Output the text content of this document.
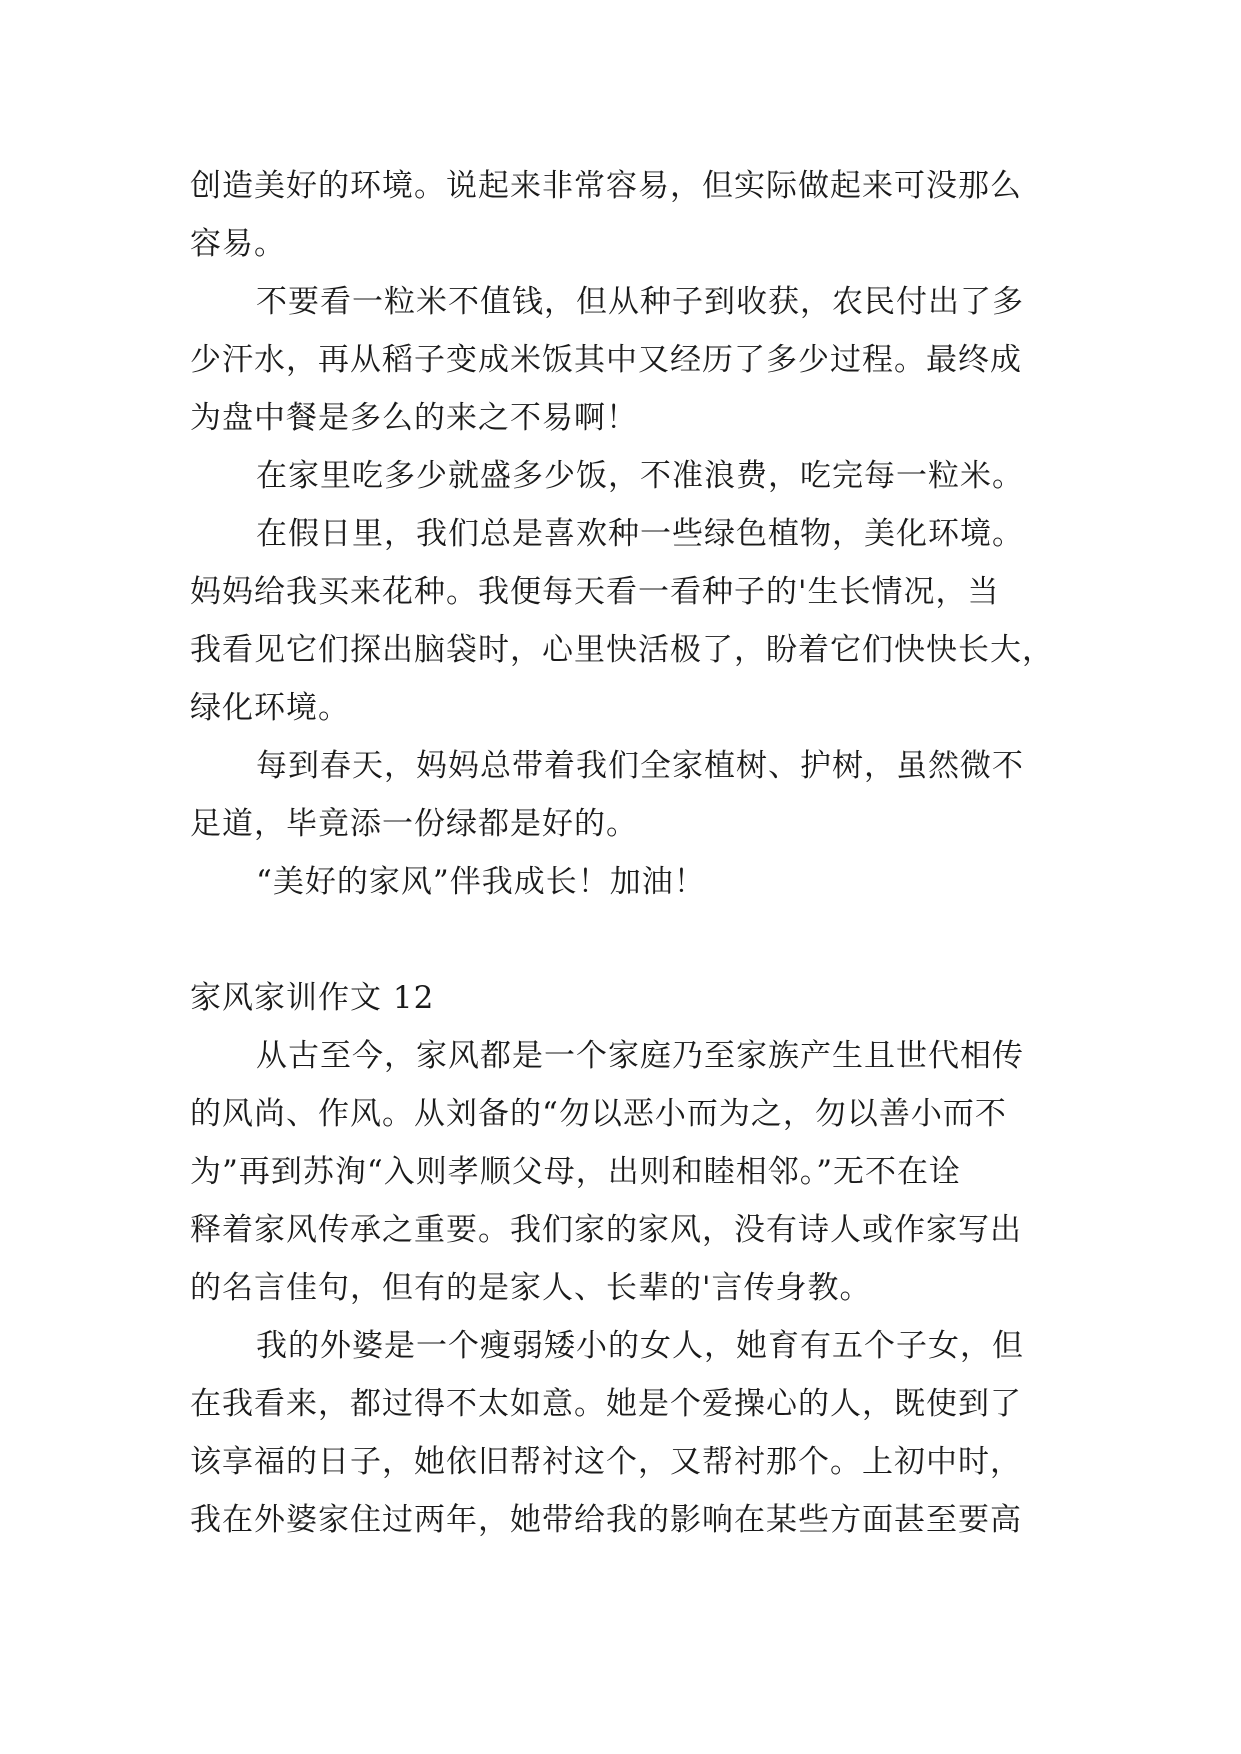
创造美好的环境。说起来非常容易，但实际做起来可没那么
容易。
不要看一粒米不值钱，但从种子到收获，农民付出了多
少汗水，再从稻子变成米饭其中又经历了多少过程。最终成
为盘中餐是多么的来之不易啊！
在家里吃多少就盛多少饭，不准浪费，吃完每一粒米。
在假日里，我们总是喜欢种一些绿色植物，美化环境。
妈妈给我买来花种。我便每天看一看种子的'生长情况，当
我看见它们探出脑袋时，心里快活极了，盼着它们快快长大，
绿化环境。
每到春天，妈妈总带着我们全家植树、护树，虽然微不
足道，毕竟添一份绿都是好的。
“美好的家风”伴我成长！加油！
家风家训作文 12
从古至今，家风都是一个家庭乃至家族产生且世代相传
的风尚、作风。从刘备的“勿以恶小而为之，勿以善小而不
为”再到苏洵“入则孝顺父母，出则和睦相邻。”无不在诠
释着家风传承之重要。我们家的家风，没有诗人或作家写出
的名言佳句，但有的是家人、长辈的'言传身教。
我的外婆是一个瘦弱矮小的女人，她育有五个子女，但
在我看来，都过得不太如意。她是个爱操心的人，既使到了
该享福的日子，她依旧帮衬这个，又帮衬那个。上初中时，
我在外婆家住过两年，她带给我的影响在某些方面甚至要高
